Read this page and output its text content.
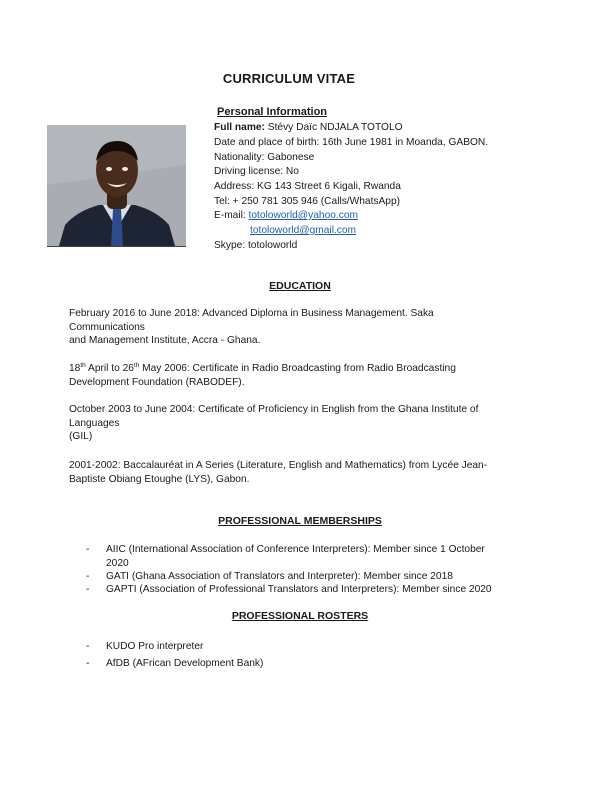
CURRICULUM VITAE
Personal Information
Full name: Stévy Daïc NDJALA TOTOLO
Date and place of birth: 16th June 1981 in Moanda, GABON.
Nationality: Gabonese
Driving license: No
Address: KG 143 Street 6 Kigali, Rwanda
Tel: + 250 781 305 946 (Calls/WhatsApp)
E-mail: totoloworld@yahoo.com
totoloworld@gmail.com
Skype: totoloworld
EDUCATION
February 2016 to June 2018: Advanced Diploma in Business Management. Saka
Communications
and Management Institute, Accra - Ghana.
18th April to 26th May 2006: Certificate in Radio Broadcasting from Radio Broadcasting
Development Foundation (RABODEF).
October 2003 to June 2004: Certificate of Proficiency in English from the Ghana Institute of
Languages
(GIL)
2001-2002: Baccalauréat in A Series (Literature, English and Mathematics) from Lycée Jean-
Baptiste Obiang Etoughe (LYS), Gabon.
PROFESSIONAL MEMBERSHIPS
- AIIC (International Association of Conference Interpreters): Member since 1 October
2020
- GATI (Ghana Association of Translators and Interpreter): Member since 2018
- GAPTI (Association of Professional Translators and Interpreters): Member since 2020
PROFESSIONAL ROSTERS
- KUDO Pro interpreter
- AfDB (AFrican Development Bank)
